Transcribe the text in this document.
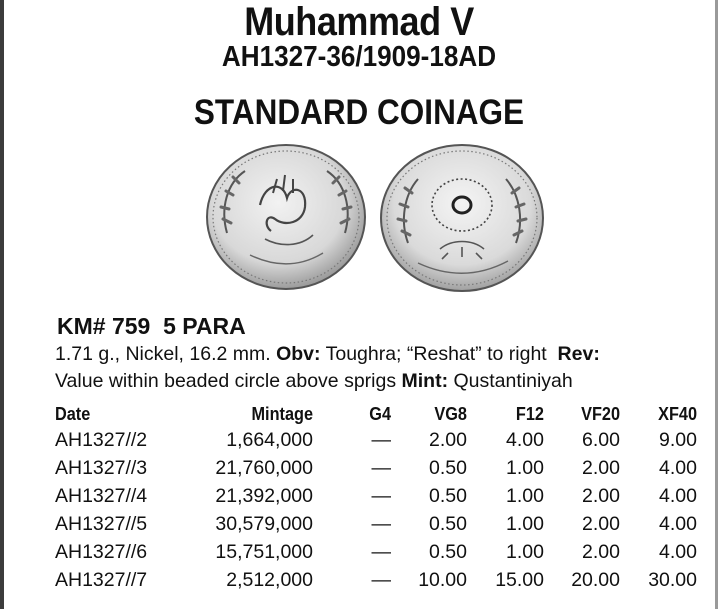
Muhammad V
AH1327-36/1909-18AD
STANDARD COINAGE
KM# 759 5 PARA
1.71 g., Nickel, 16.2 mm. Obv: Toughra; “Reshat” to right Rev:
Value within beaded circle above sprigs Mint: Qustantiniyah
Date	Mintage	G4	VG8	F12	VF20	XF40
AH1327//2	1,664,000	—	2.00	4.00	6.00	9.00
AH1327//3	21,760,000	—	0.50	1.00	2.00	4.00
AH1327//4	21,392,000	—	0.50	1.00	2.00	4.00
AH1327//5	30,579,000	—	0.50	1.00	2.00	4.00
AH1327//6	15,751,000	—	0.50	1.00	2.00	4.00
AH1327//7	2,512,000	—	10.00	15.00	20.00	30.00
